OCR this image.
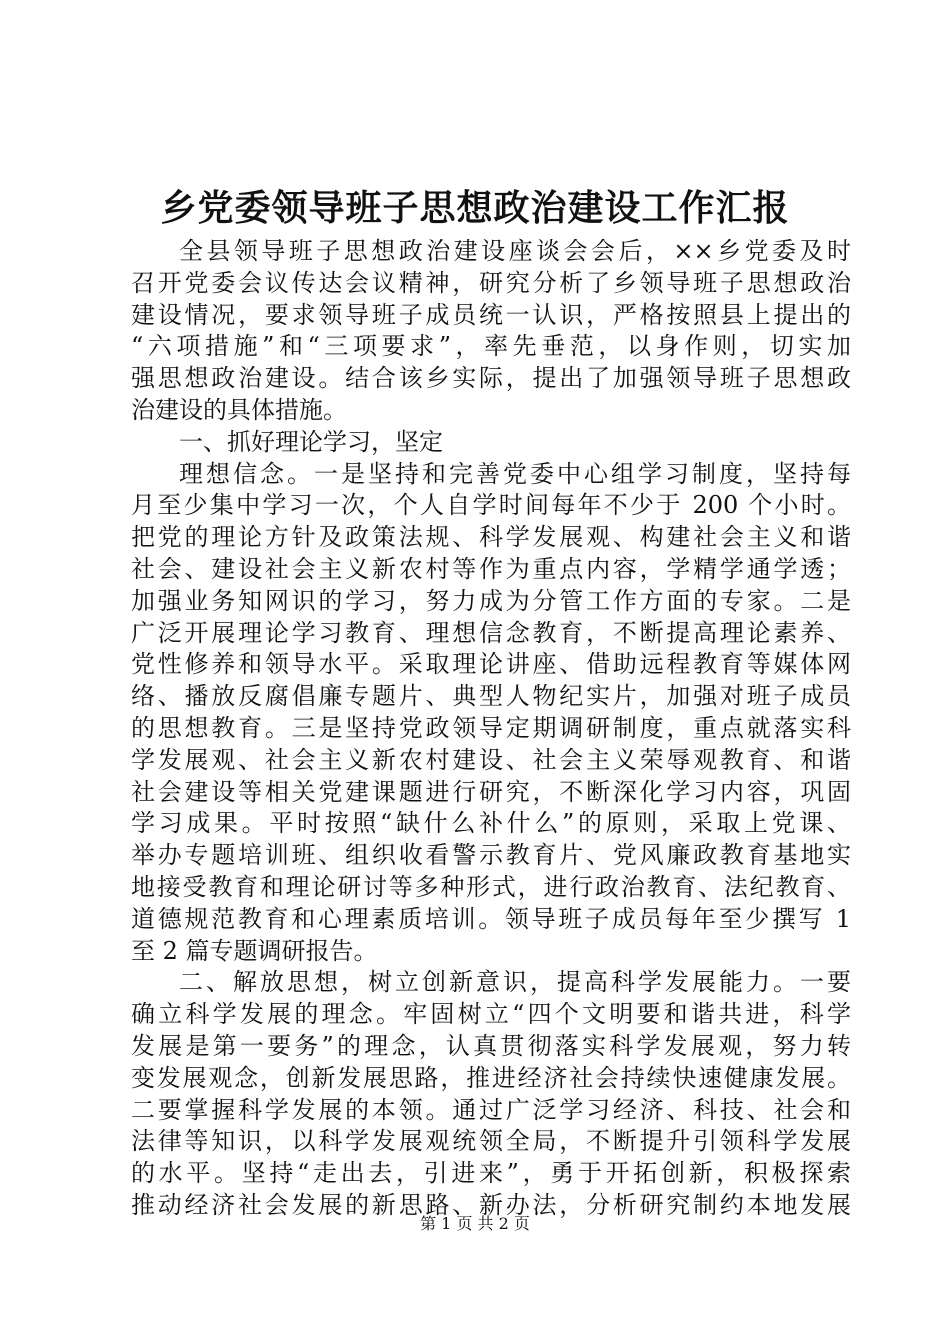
乡党委领导班子思想政治建设工作汇报
全县领导班子思想政治建设座谈会会后，××乡党委及时
召开党委会议传达会议精神，研究分析了乡领导班子思想政治
建设情况，要求领导班子成员统一认识，严格按照县上提出的
“六项措施”和“三项要求”，率先垂范，以身作则，切实加
强思想政治建设。结合该乡实际，提出了加强领导班子思想政
治建设的具体措施。
一、抓好理论学习，坚定
理想信念。一是坚持和完善党委中心组学习制度，坚持每
月至少集中学习一次，个人自学时间每年不少于 200 个小时。
把党的理论方针及政策法规、科学发展观、构建社会主义和谐
社会、建设社会主义新农村等作为重点内容，学精学通学透；
加强业务知网识的学习，努力成为分管工作方面的专家。二是
广泛开展理论学习教育、理想信念教育，不断提高理论素养、
党性修养和领导水平。采取理论讲座、借助远程教育等媒体网
络、播放反腐倡廉专题片、典型人物纪实片，加强对班子成员
的思想教育。三是坚持党政领导定期调研制度，重点就落实科
学发展观、社会主义新农村建设、社会主义荣辱观教育、和谐
社会建设等相关党建课题进行研究，不断深化学习内容，巩固
学习成果。平时按照“缺什么补什么”的原则，采取上党课、
举办专题培训班、组织收看警示教育片、党风廉政教育基地实
地接受教育和理论研讨等多种形式，进行政治教育、法纪教育、
道德规范教育和心理素质培训。领导班子成员每年至少撰写 1
至 2 篇专题调研报告。
二、解放思想，树立创新意识，提高科学发展能力。一要
确立科学发展的理念。牢固树立“四个文明要和谐共进，科学
发展是第一要务”的理念，认真贯彻落实科学发展观，努力转
变发展观念，创新发展思路，推进经济社会持续快速健康发展。
二要掌握科学发展的本领。通过广泛学习经济、科技、社会和
法律等知识，以科学发展观统领全局，不断提升引领科学发展
的水平。坚持“走出去，引进来”，勇于开拓创新，积极探索
推动经济社会发展的新思路、新办法，分析研究制约本地发展
第 1 页 共 2 页
